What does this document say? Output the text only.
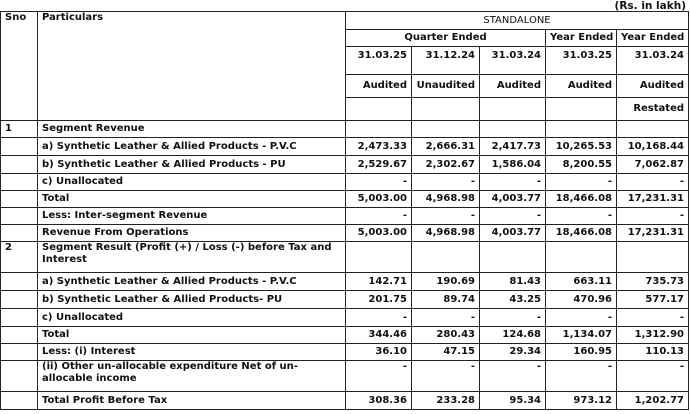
(Rs. in lakh)
Sno	Particulars	STANDALONE				
		Quarter Ended			Year Ended	Year Ended
		31.03.25	31.12.24	31.03.24	31.03.25	31.03.24
		Audited	Unaudited	Audited	Audited	Audited
						Restated
1	Segment Revenue					
	a) Synthetic Leather & Allied Products - P.V.C	2,473.33	2,666.31	2,417.73	10,265.53	10,168.44
	b) Synthetic Leather & Allied Products - PU	2,529.67	2,302.67	1,586.04	8,200.55	7,062.87
	c) Unallocated	-	-	-	-	-
	Total	5,003.00	4,968.98	4,003.77	18,466.08	17,231.31
	Less: Inter-segment Revenue	-	-	-	-	-
	Revenue From Operations	5,003.00	4,968.98	4,003.77	18,466.08	17,231.31
2	Segment Result (Profit (+) / Loss (-) before Tax and Interest					
	a) Synthetic Leather & Allied Products - P.V.C	142.71	190.69	81.43	663.11	735.73
	b) Synthetic Leather & Allied Products- PU	201.75	89.74	43.25	470.96	577.17
	c) Unallocated	-	-	-	-	-
	Total	344.46	280.43	124.68	1,134.07	1,312.90
	Less: (i) Interest	36.10	47.15	29.34	160.95	110.13
	(ii) Other un-allocable expenditure Net of un-allocable income	-	-	-	-	-
	Total Profit Before Tax	308.36	233.28	95.34	973.12	1,202.77
